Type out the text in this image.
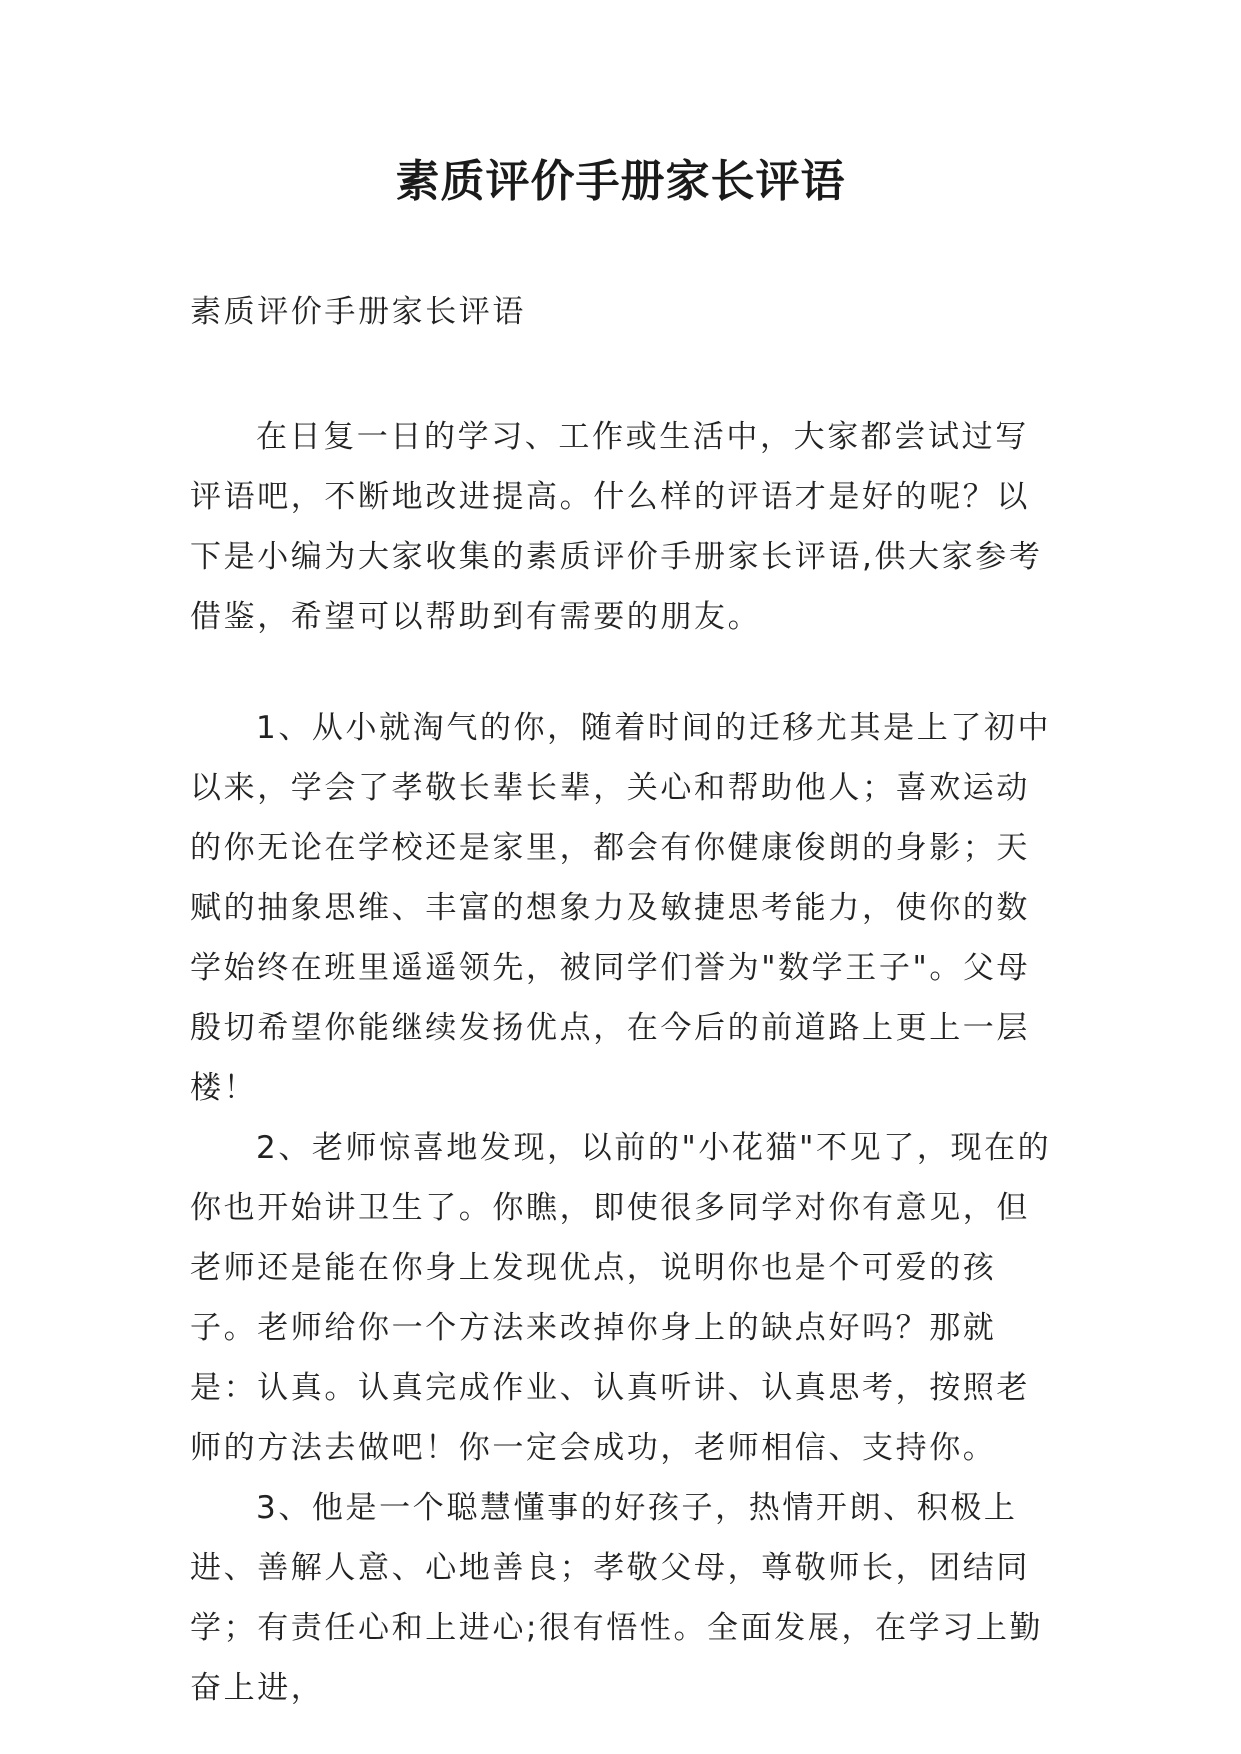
素质评价手册家长评语

素质评价手册家长评语

在日复一日的学习、工作或生活中，大家都尝试过写评语吧，不断地改进提高。什么样的评语才是好的呢？以下是小编为大家收集的素质评价手册家长评语,供大家参考借鉴，希望可以帮助到有需要的朋友。

1、从小就淘气的你，随着时间的迁移尤其是上了初中以来，学会了孝敬长辈长辈，关心和帮助他人；喜欢运动的你无论在学校还是家里，都会有你健康俊朗的身影；天赋的抽象思维、丰富的想象力及敏捷思考能力，使你的数学始终在班里遥遥领先，被同学们誉为"数学王子"。父母殷切希望你能继续发扬优点，在今后的前道路上更上一层楼！
2、老师惊喜地发现，以前的"小花猫"不见了，现在的你也开始讲卫生了。你瞧，即使很多同学对你有意见，但老师还是能在你身上发现优点，说明你也是个可爱的孩子。老师给你一个方法来改掉你身上的缺点好吗？那就是：认真。认真完成作业、认真听讲、认真思考，按照老师的方法去做吧！你一定会成功，老师相信、支持你。
3、他是一个聪慧懂事的好孩子，热情开朗、积极上进、善解人意、心地善良；孝敬父母，尊敬师长，团结同学；有责任心和上进心;很有悟性。全面发展，在学习上勤奋上进，
